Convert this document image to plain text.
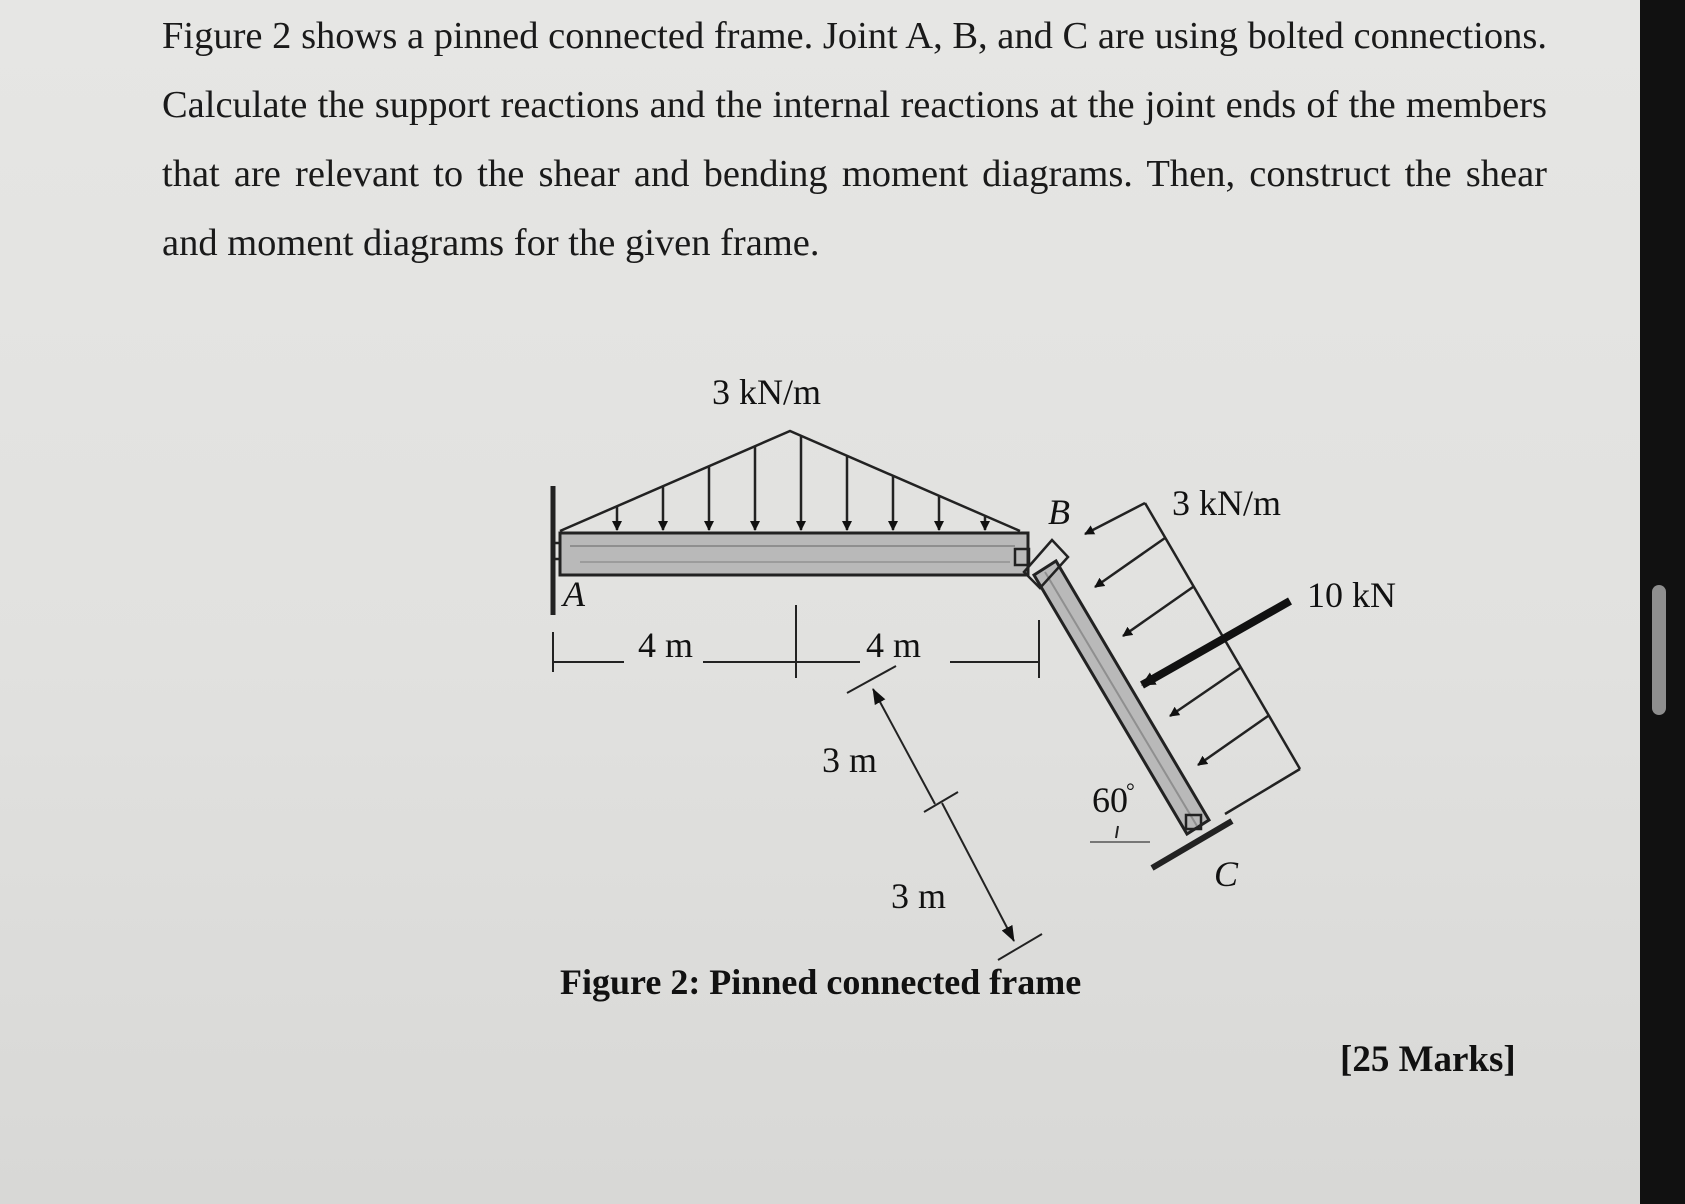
Figure 2 shows a pinned connected frame. Joint A, B, and C are using bolted connections. Calculate the support reactions and the internal reactions at the joint ends of the members that are relevant to the shear and bending moment diagrams. Then, construct the shear and moment diagrams for the given frame.

3 kN/m
3 kN/m
10 kN
A
B
C
4 m	4 m
3 m
3 m
60°
Figure 2: Pinned connected frame
[25 Marks]
